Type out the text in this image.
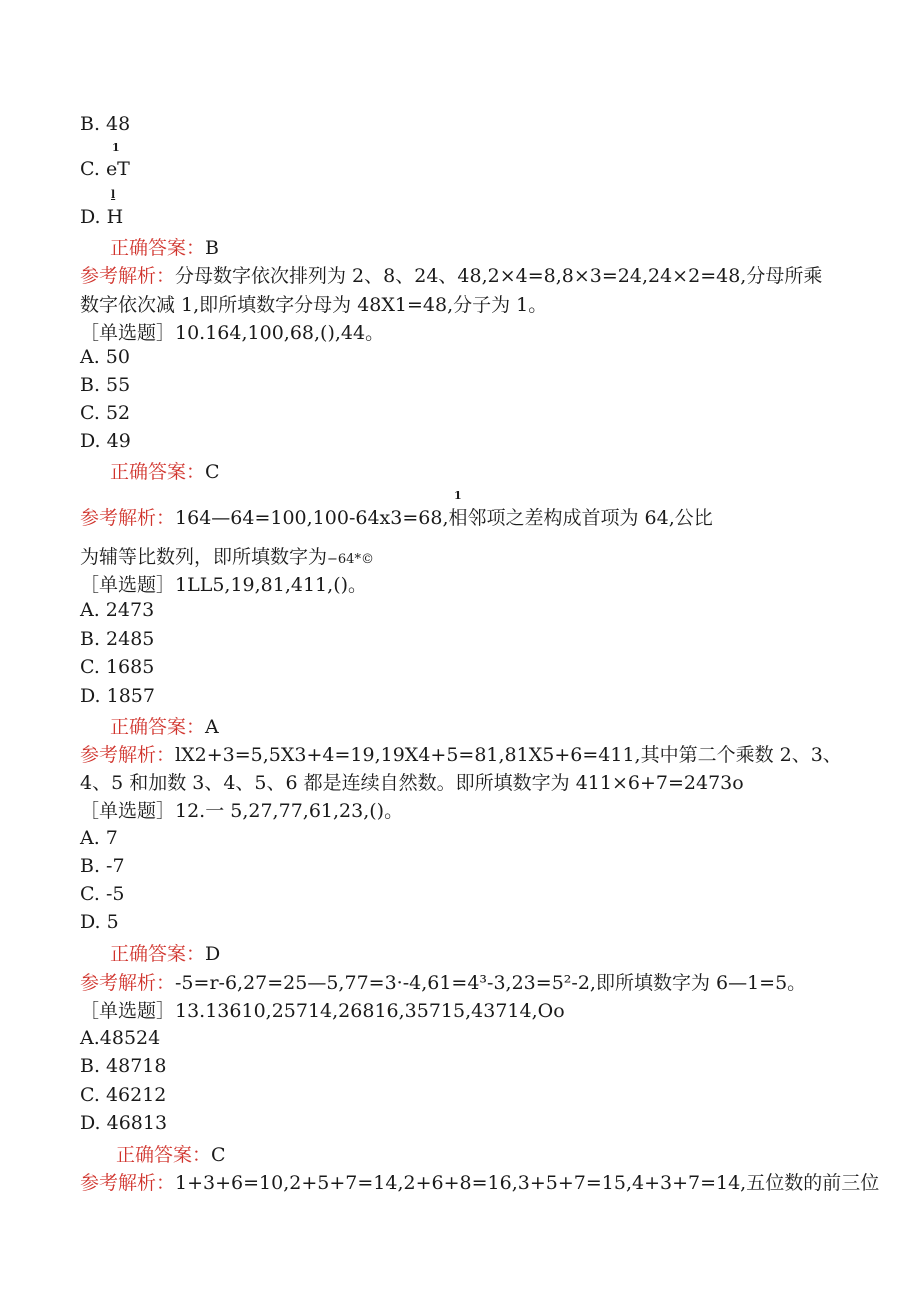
B. 48
1
C. eT
l
D. H
正确答案：B
参考解析：分母数字依次排列为 2、8、24、48,2×4=8,8×3=24,24×2=48,分母所乘
数字依次减 1,即所填数字分母为 48X1=48,分子为 1。
［单选题］10.164,100,68,(),44。
A. 50
B. 55
C. 52
D. 49
正确答案：C
1
参考解析：164—64=100,100-64x3=68,相邻项之差构成首项为 64,公比
为辅等比数列，即所填数字为−64*©
［单选题］1LL5,19,81,411,()。
A. 2473
B. 2485
C. 1685
D. 1857
正确答案：A
参考解析：lX2+3=5,5X3+4=19,19X4+5=81,81X5+6=411,其中第二个乘数 2、3、
4、5 和加数 3、4、5、6 都是连续自然数。即所填数字为 411×6+7=2473o
［单选题］12.一 5,27,77,61,23,()。
A. 7
B. -7
C. -5
D. 5
正确答案：D
参考解析：-5=r-6,27=25—5,77=3·-4,61=4³-3,23=5²-2,即所填数字为 6—1=5。
［单选题］13.13610,25714,26816,35715,43714,Oo
A.48524
B. 48718
C. 46212
D. 46813
正确答案：C
参考解析：1+3+6=10,2+5+7=14,2+6+8=16,3+5+7=15,4+3+7=14,五位数的前三位
